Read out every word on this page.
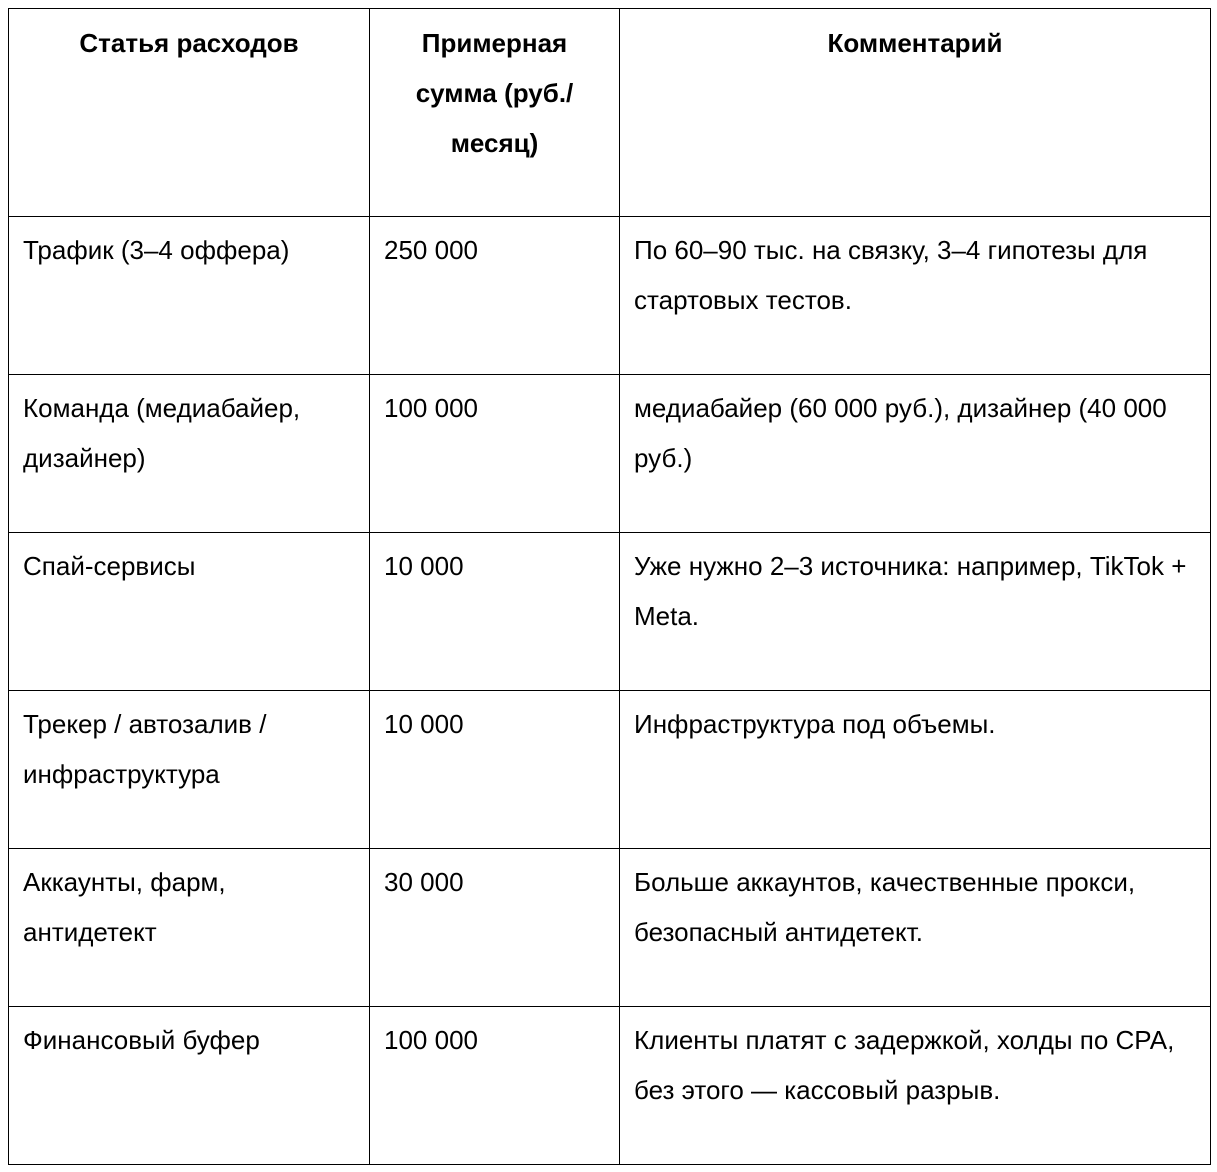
Статья расходов	Примерная сумма (руб./месяц)	Комментарий
Трафик (3–4 оффера)	250 000	По 60–90 тыс. на связку, 3–4 гипотезы для стартовых тестов.
Команда (медиабайер, дизайнер)	100 000	медиабайер (60 000 руб.), дизайнер (40 000 руб.)
Спай-сервисы	10 000	Уже нужно 2–3 источника: например, TikTok + Meta.
Трекер / автозалив / инфраструктура	10 000	Инфраструктура под объемы.
Аккаунты, фарм, антидетект	30 000	Больше аккаунтов, качественные прокси, безопасный антидетект.
Финансовый буфер	100 000	Клиенты платят с задержкой, холды по CPA, без этого — кассовый разрыв.
